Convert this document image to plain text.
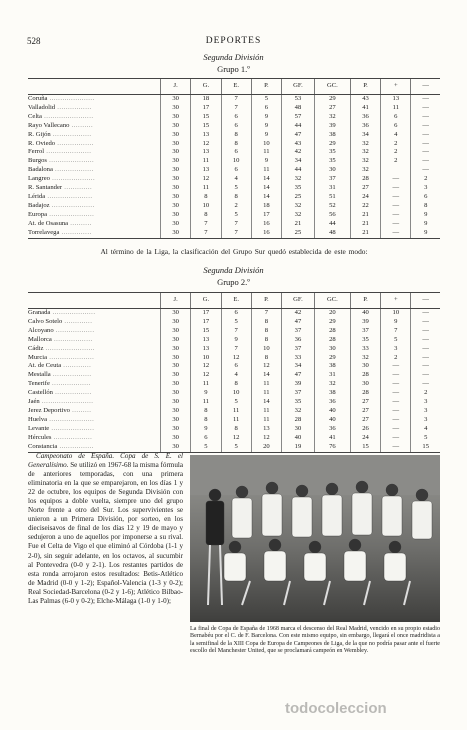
528	DEPORTES
Segunda División
Grupo 1.º
	J.	G.	E.	P.	GF.	GC.	P.	+	—
Coruña .....................	30	18	7	5	53	29	43	13	—
Valladolid ................	30	17	7	6	48	27	41	11	—
Celta .......................	30	15	6	9	57	32	36	6	—
Rayo Vallecano ..........	30	15	6	9	44	39	36	6	—
R. Gijón ..................	30	13	8	9	47	38	34	4	—
R. Oviedo .................	30	12	8	10	43	29	32	2	—
Ferrol .....................	30	13	6	11	42	35	32	2	—
Burgos .....................	30	11	10	9	34	35	32	2	—
Badalona ..................	30	13	6	11	44	30	32		—
Langreo ....................	30	12	4	14	32	37	28	—	2
R. Santander .............	30	11	5	14	35	31	27	—	3
Lérida .....................	30	8	8	14	25	51	24	—	6
Badajoz ....................	30	10	2	18	32	52	22	—	8
Europa .....................	30	8	5	17	32	56	21	—	9
At. de Osasuna ..........	30	7	7	16	21	44	21	—	9
Torrelavega ..............	30	7	7	16	25	48	21	—	9
Al término de la Liga, la clasificación del Grupo Sur quedó establecida de este modo:
Segunda División
Grupo 2.º
	J.	G.	E.	P.	GF.	GC.	P.	+	—
Granada ....................	30	17	6	7	42	20	40	10	—
Calvo Sotelo .............	30	17	5	8	47	29	39	9	—
Alcoyano ..................	30	15	7	8	37	28	37	7	—
Mallorca ..................	30	13	9	8	36	28	35	5	—
Cádiz .......................	30	13	7	10	37	30	33	3	—
Murcia .....................	30	10	12	8	33	29	32	2	—
At. de Ceuta .............	30	12	6	12	34	38	30	—	—
Mestalla ..................	30	12	4	14	47	31	28	—	—
Tenerife ..................	30	11	8	11	39	32	30	—	—
Castellón .................	30	9	10	11	37	38	28	—	2
Jaén ........................	30	11	5	14	35	36	27	—	3
Jerez Deportivo .........	30	8	11	11	32	40	27	—	3
Huelva .....................	30	8	11	11	28	40	27	—	3
Levante ....................	30	9	8	13	30	36	26	—	4
Hércules ..................	30	6	12	12	40	41	24	—	5
Constancia ................	30	5	5	20	19	76	15	—	15

Campeonato de España. Copa de S. E. el Generalísimo. Se utilizó en 1967-68 la misma fórmula de anteriores temporadas, con una primera eliminatoria en la que se emparejaron, en los días 1 y 22 de octubre, los equipos de Segunda División con los equipos a doble vuelta, siempre uno del grupo Norte frente a otro del Sur. Los supervivientes se unieron a un Primera División, por sorteo, en los dieciseisavos de final de los días 12 y 19 de mayo y sedujeron a uno de aquellos por imponerse a su rival. Fue el Celta de Vigo el que eliminó al Córdoba (1-1 y 2-0), sin seguir adelante, en los octavos, al sucumbir al Pontevedra (0-0 y 2-1). Los restantes partidos de esta ronda arrojaron estos resultados: Betis-Atlético de Madrid (0-0 y 1-2); Español-Valencia (1-3 y 0-2); Real Sociedad-Barcelona (0-2 y 1-6); Atlético Bilbao-Las Palmas (6-0 y 0-2); Elche-Málaga (1-0 y 1-0);

La final de Copa de España de 1968 marca el descenso del Real Madrid, vencido en su propio estadio Bernabéu por el C. de F. Barcelona. Con este mismo equipo, sin embargo, llegará el once madridista a la semifinal de la XIII Copa de Europa de Campeones de Liga, de la que no podría pasar ante el fuerte escollo del Manchester United, que se proclamará campeón en Wembley.
todocoleccion
